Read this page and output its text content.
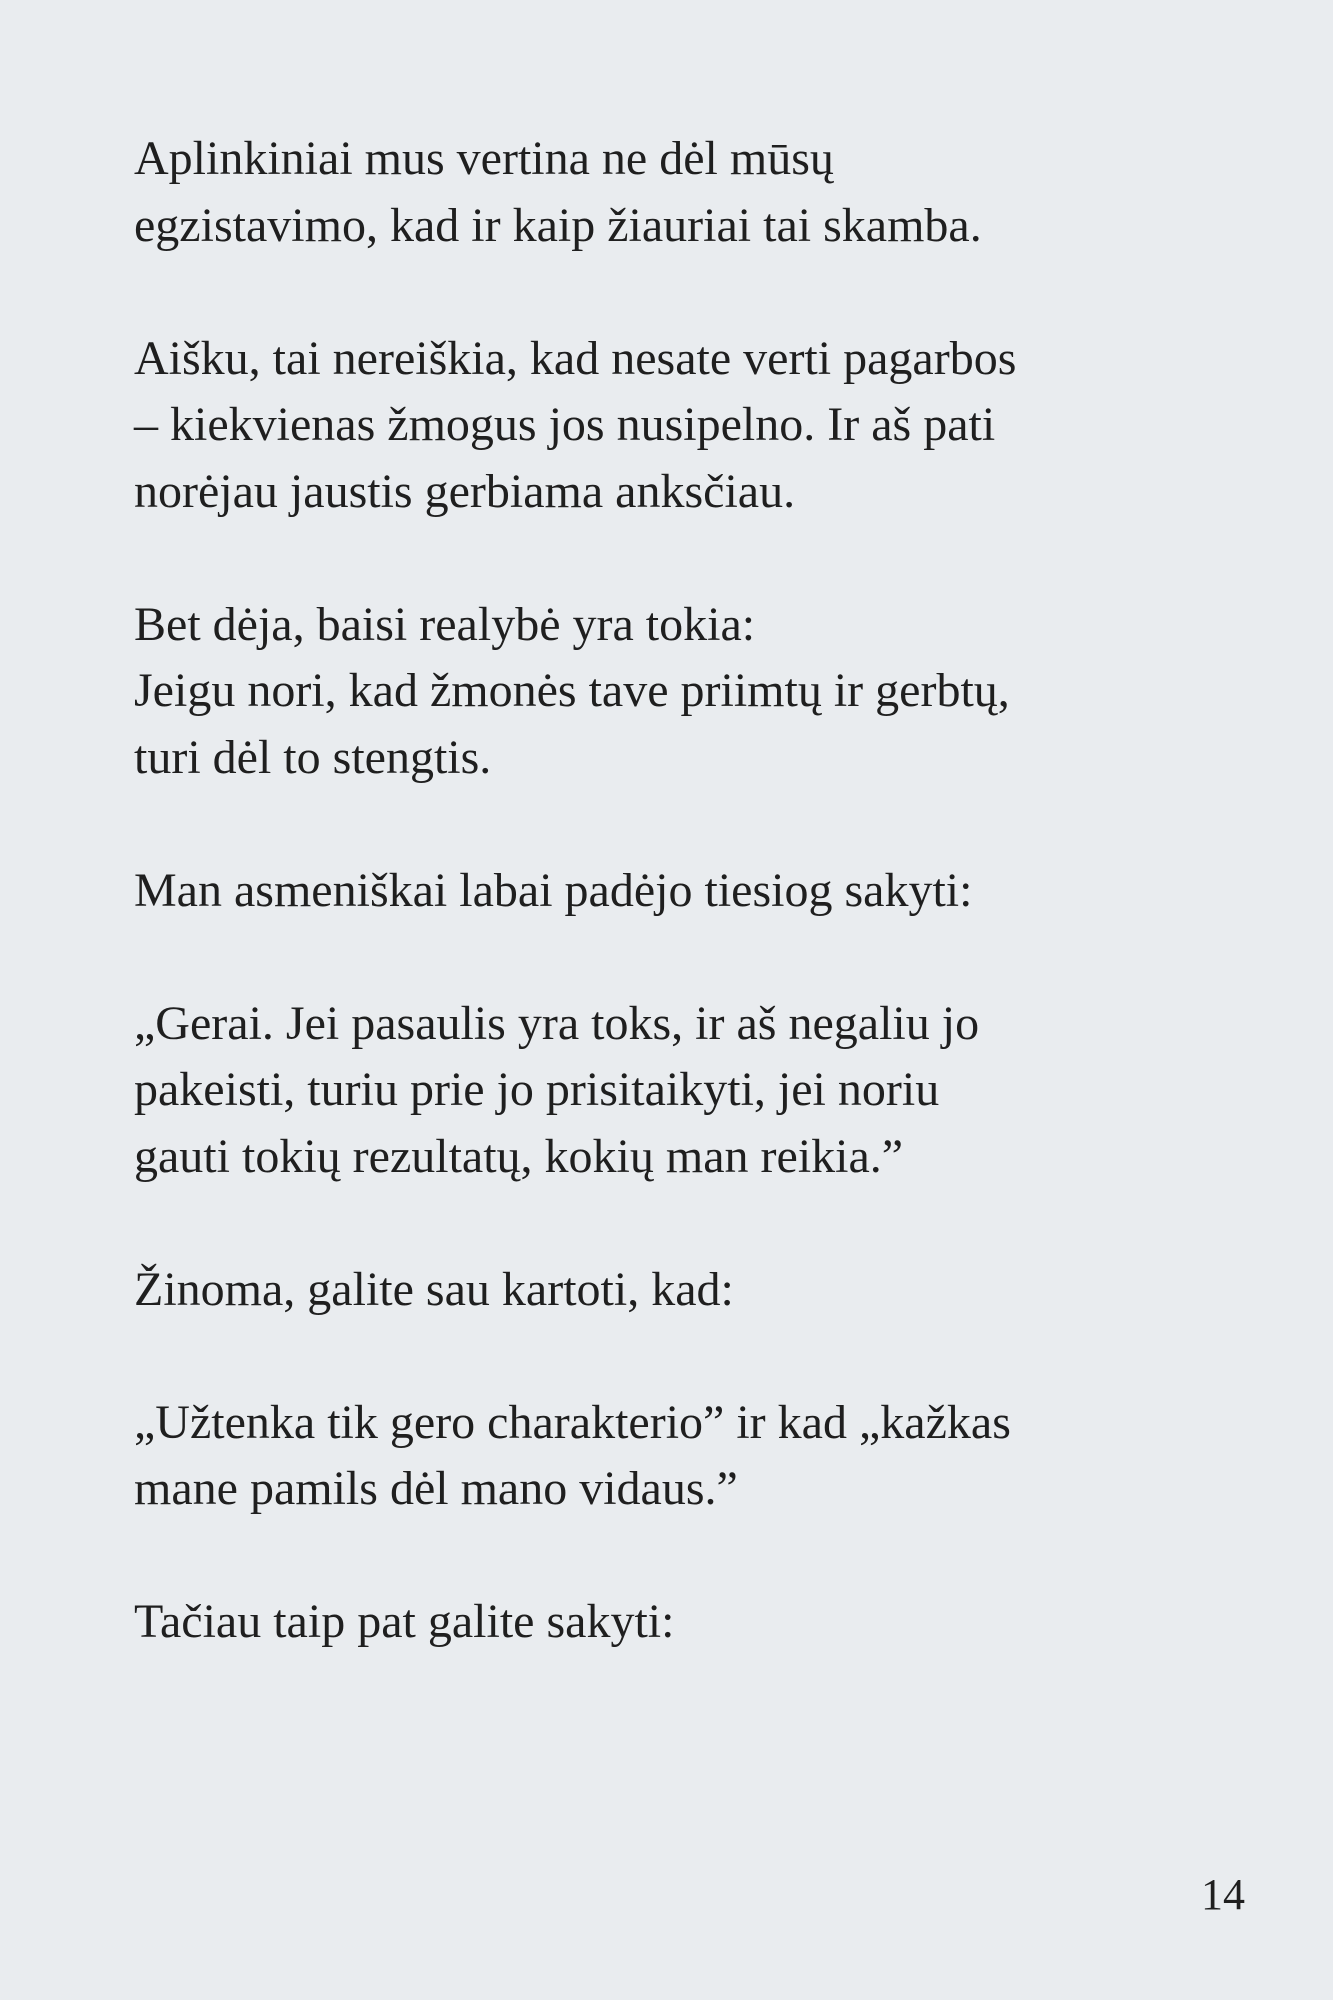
Aplinkiniai mus vertina ne dėl mūsų
egzistavimo, kad ir kaip žiauriai tai skamba.
Aišku, tai nereiškia, kad nesate verti pagarbos
– kiekvienas žmogus jos nusipelno. Ir aš pati
norėjau jaustis gerbiama anksčiau.
Bet dėja, baisi realybė yra tokia:
Jeigu nori, kad žmonės tave priimtų ir gerbtų,
turi dėl to stengtis.
Man asmeniškai labai padėjo tiesiog sakyti:
„Gerai. Jei pasaulis yra toks, ir aš negaliu jo
pakeisti, turiu prie jo prisitaikyti, jei noriu
gauti tokių rezultatų, kokių man reikia.”
Žinoma, galite sau kartoti, kad:
„Užtenka tik gero charakterio” ir kad „kažkas
mane pamils dėl mano vidaus.”
Tačiau taip pat galite sakyti:
14
